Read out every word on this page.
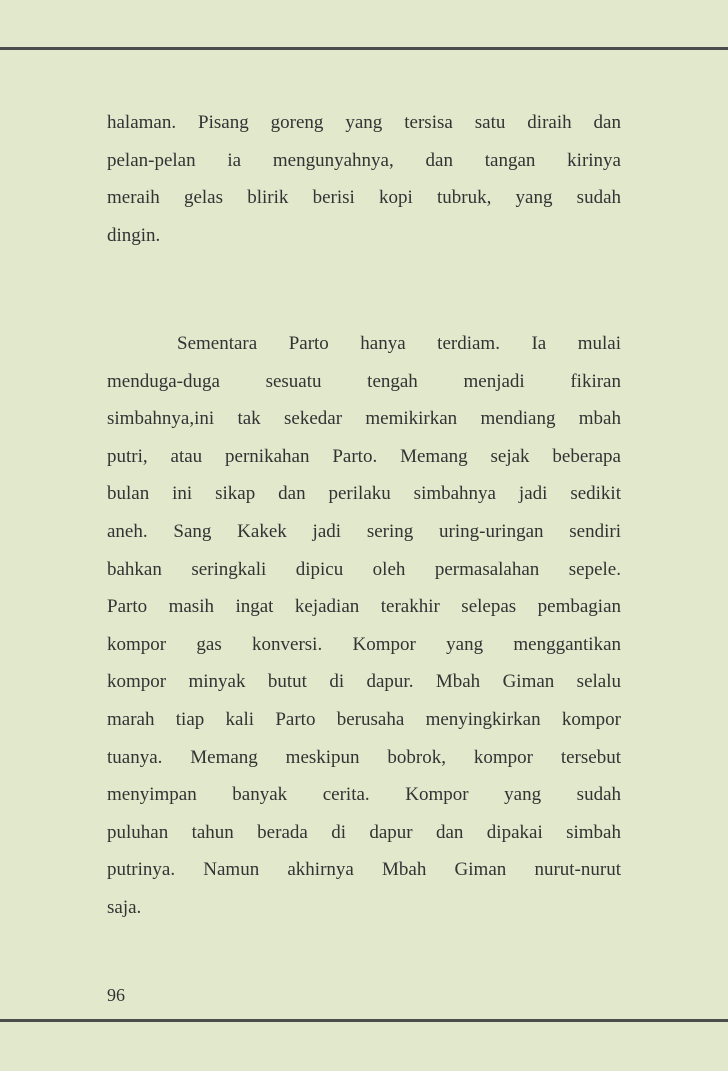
halaman. Pisang goreng yang tersisa satu diraih dan
pelan-pelan ia mengunyahnya, dan tangan kirinya
meraih gelas blirik berisi kopi tubruk, yang sudah
dingin.
Sementara Parto hanya terdiam. Ia mulai
menduga-duga sesuatu tengah menjadi fikiran
simbahnya,ini tak sekedar memikirkan mendiang mbah
putri, atau pernikahan Parto. Memang sejak beberapa
bulan ini sikap dan perilaku simbahnya jadi sedikit
aneh. Sang Kakek jadi sering uring-uringan sendiri
bahkan seringkali dipicu oleh permasalahan sepele.
Parto masih ingat kejadian terakhir selepas pembagian
kompor gas konversi. Kompor yang menggantikan
kompor minyak butut di dapur. Mbah Giman selalu
marah tiap kali Parto berusaha menyingkirkan kompor
tuanya. Memang meskipun bobrok, kompor tersebut
menyimpan banyak cerita. Kompor yang sudah
puluhan tahun berada di dapur dan dipakai simbah
putrinya. Namun akhirnya Mbah Giman nurut-nurut
saja.
96
